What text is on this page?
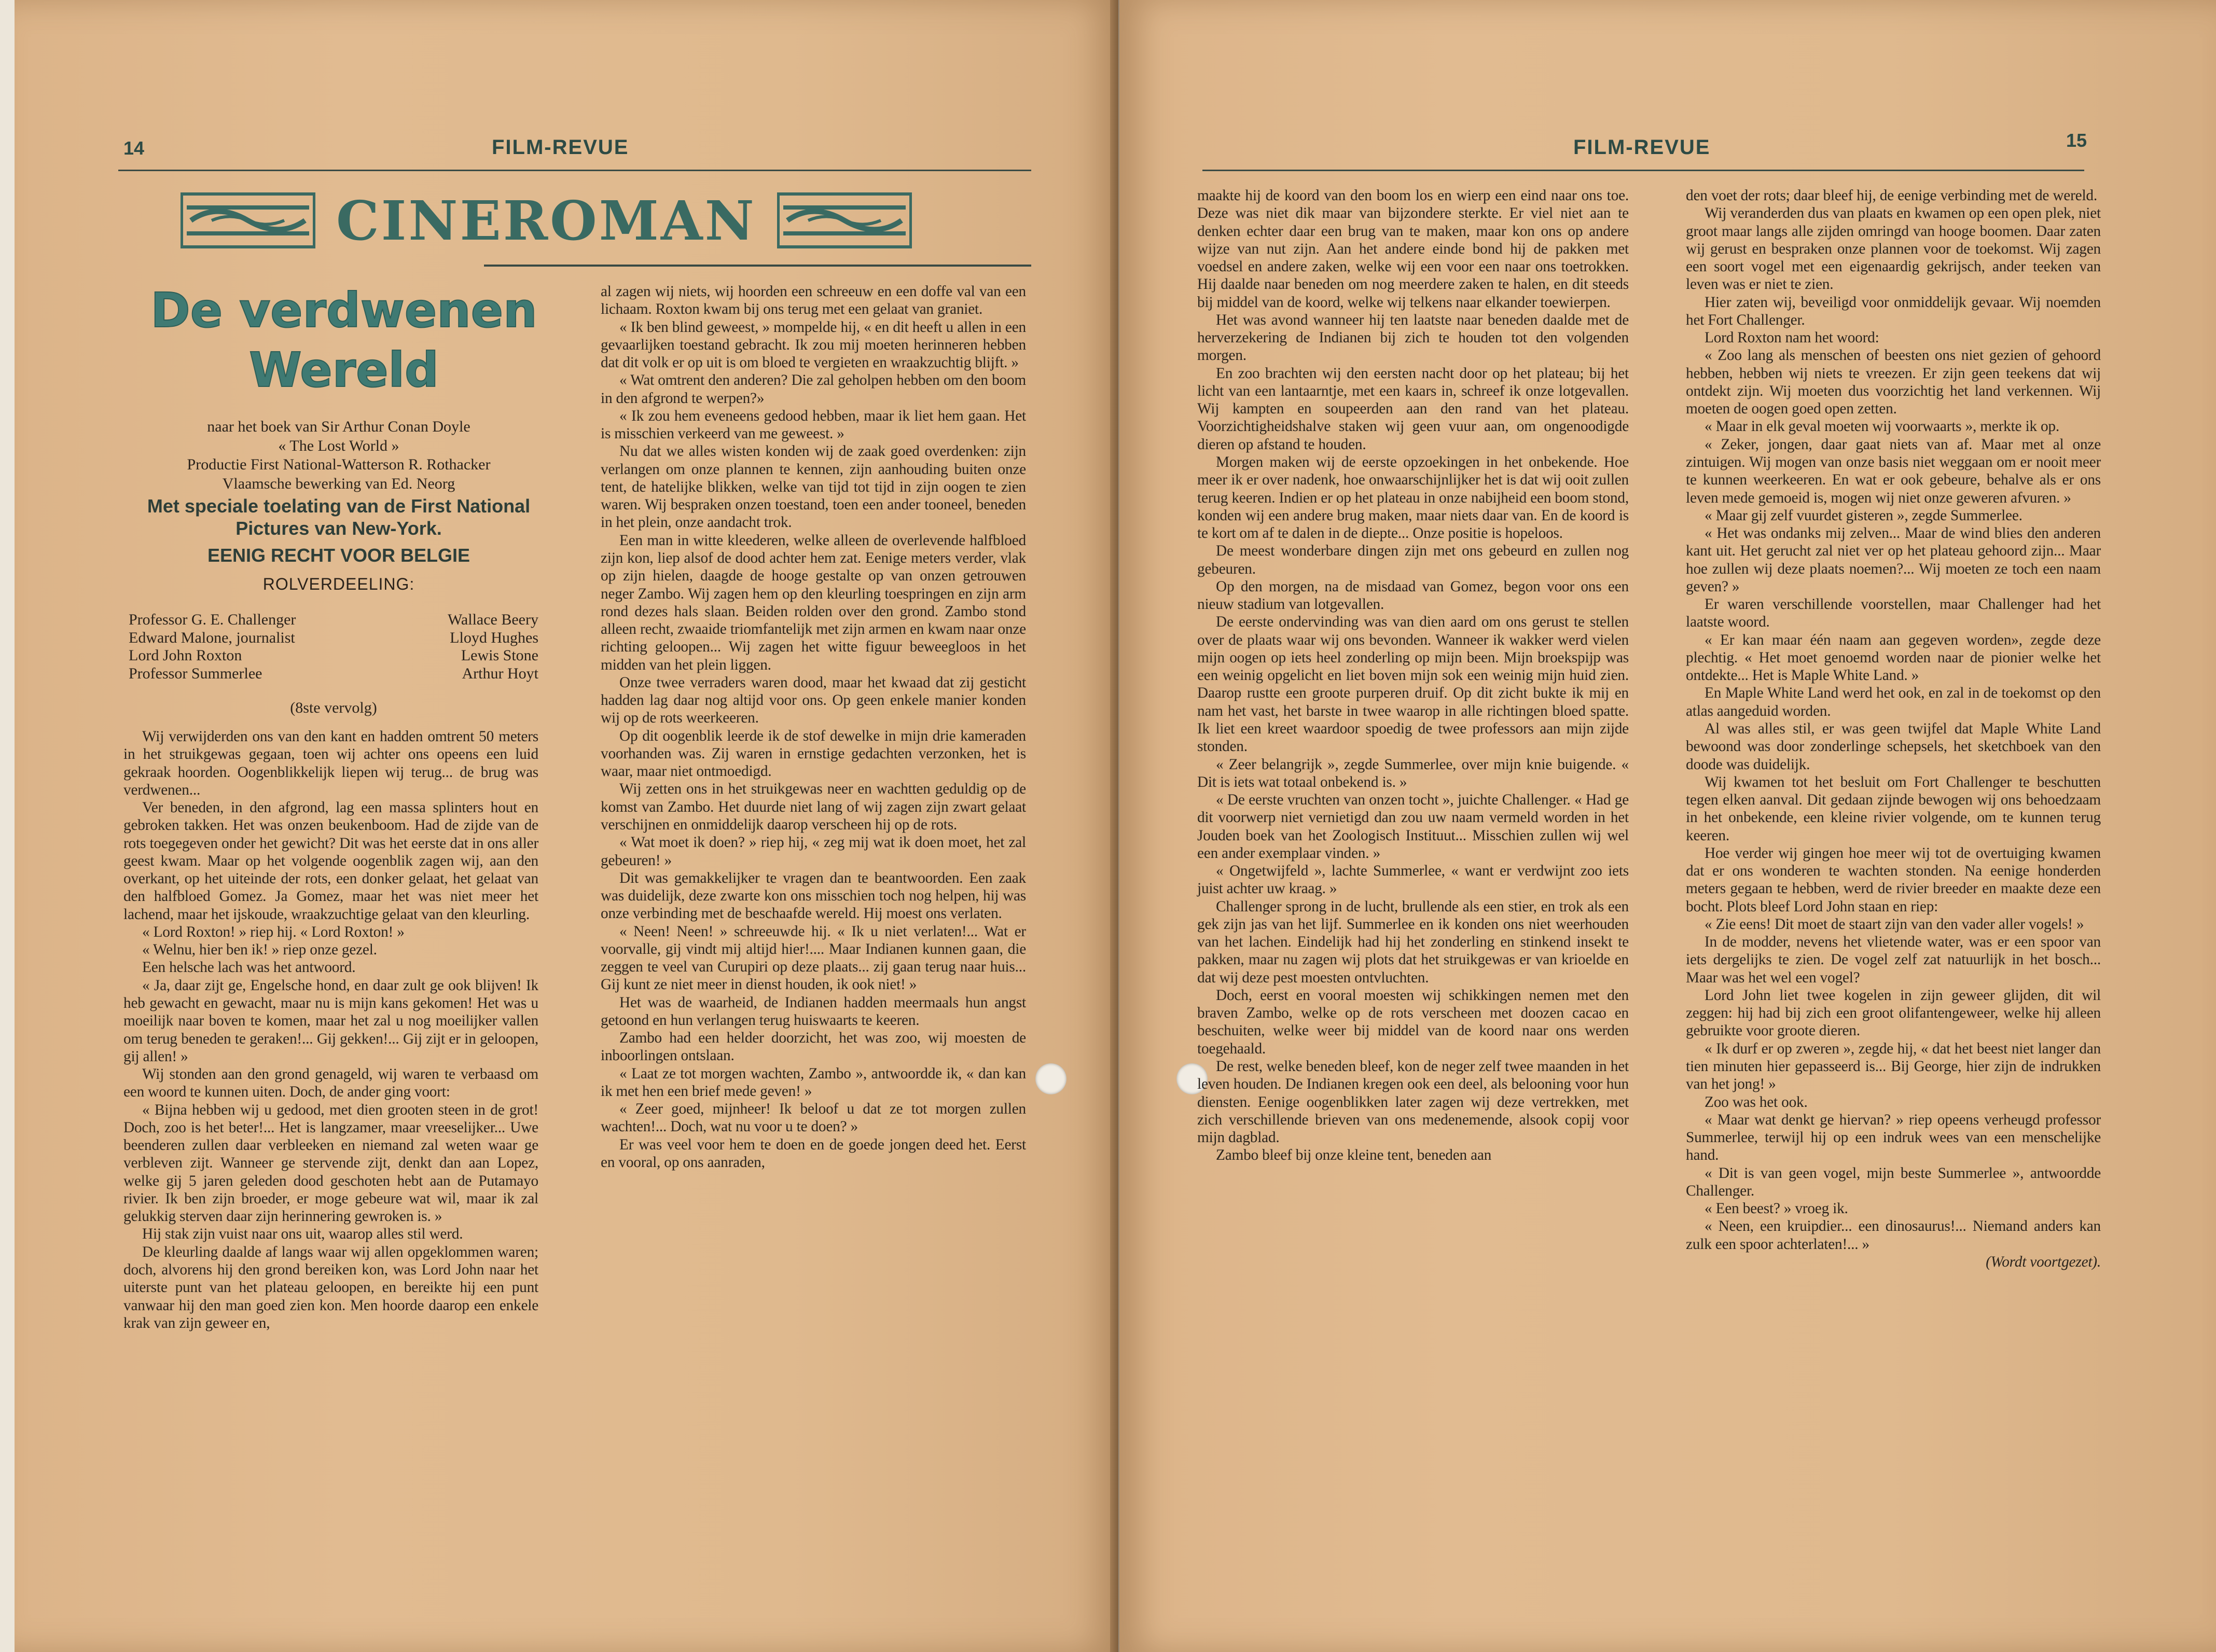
14	FILM-REVUE
CINEROMAN
De verdwenen
Wereld
naar het boek van Sir Arthur Conan Doyle
« The Lost World »
Productie First National-Watterson R. Rothacker
Vlaamsche bewerking van Ed. Neorg
Met speciale toelating van de First National Pictures van New-York.
EENIG RECHT VOOR BELGIE
ROLVERDEELING:
Professor G. E. Challenger	Wallace Beery
Edward Malone, journalist	Lloyd Hughes
Lord John Roxton	Lewis Stone
Professor Summerlee	Arthur Hoyt
(8ste vervolg)

Wij verwijderden ons van den kant en hadden omtrent 50 meters in het struikgewas gegaan, toen wij achter ons opeens een luid gekraak hoorden. Oogenblikkelijk liepen wij terug... de brug was verdwenen...

Ver beneden, in den afgrond, lag een massa splinters hout en gebroken takken. Het was onzen beukenboom. Had de zijde van de rots toegegeven onder het gewicht? Dit was het eerste dat in ons aller geest kwam. Maar op het volgende oogenblik zagen wij, aan den overkant, op het uiteinde der rots, een donker gelaat, het gelaat van den halfbloed Gomez. Ja Gomez, maar het was niet meer het lachend, maar het ijskoude, wraakzuchtige gelaat van den kleurling.

« Lord Roxton! » riep hij. « Lord Roxton! »

« Welnu, hier ben ik! » riep onze gezel.

Een helsche lach was het antwoord.

« Ja, daar zijt ge, Engelsche hond, en daar zult ge ook blijven! Ik heb gewacht en gewacht, maar nu is mijn kans gekomen! Het was u moeilijk naar boven te komen, maar het zal u nog moeilijker vallen om terug beneden te geraken!... Gij gekken!... Gij zijt er in geloopen, gij allen! »

Wij stonden aan den grond genageld, wij waren te verbaasd om een woord te kunnen uiten. Doch, de ander ging voort:

« Bijna hebben wij u gedood, met dien grooten steen in de grot! Doch, zoo is het beter!... Het is langzamer, maar vreeselijker... Uwe beenderen zullen daar verbleeken en niemand zal weten waar ge verbleven zijt. Wanneer ge stervende zijt, denkt dan aan Lopez, welke gij 5 jaren geleden dood geschoten hebt aan de Putamayo rivier. Ik ben zijn broeder, er moge gebeure wat wil, maar ik zal gelukkig sterven daar zijn herinnering gewroken is. »

Hij stak zijn vuist naar ons uit, waarop alles stil werd.

De kleurling daalde af langs waar wij allen opgeklommen waren; doch, alvorens hij den grond bereiken kon, was Lord John naar het uiterste punt van het plateau geloopen, en bereikte hij een punt vanwaar hij den man goed zien kon. Men hoorde daarop een enkele krak van zijn geweer en,

al zagen wij niets, wij hoorden een schreeuw en een doffe val van een lichaam. Roxton kwam bij ons terug met een gelaat van graniet.

« Ik ben blind geweest, » mompelde hij, « en dit heeft u allen in een gevaarlijken toestand gebracht. Ik zou mij moeten herinneren hebben dat dit volk er op uit is om bloed te vergieten en wraakzuchtig blijft. »

« Wat omtrent den anderen? Die zal geholpen hebben om den boom in den afgrond te werpen?»

« Ik zou hem eveneens gedood hebben, maar ik liet hem gaan. Het is misschien verkeerd van me geweest. »

Nu dat we alles wisten konden wij de zaak goed overdenken: zijn verlangen om onze plannen te kennen, zijn aanhouding buiten onze tent, de hatelijke blikken, welke van tijd tot tijd in zijn oogen te zien waren. Wij bespraken onzen toestand, toen een ander tooneel, beneden in het plein, onze aandacht trok.

Een man in witte kleederen, welke alleen de overlevende halfbloed zijn kon, liep alsof de dood achter hem zat. Eenige meters verder, vlak op zijn hielen, daagde de hooge gestalte op van onzen getrouwen neger Zambo. Wij zagen hem op den kleurling toespringen en zijn arm rond dezes hals slaan. Beiden rolden over den grond. Zambo stond alleen recht, zwaaide triomfantelijk met zijn armen en kwam naar onze richting geloopen... Wij zagen het witte figuur beweegloos in het midden van het plein liggen.

Onze twee verraders waren dood, maar het kwaad dat zij gesticht hadden lag daar nog altijd voor ons. Op geen enkele manier konden wij op de rots weerkeeren.

Op dit oogenblik leerde ik de stof dewelke in mijn drie kameraden voorhanden was. Zij waren in ernstige gedachten verzonken, het is waar, maar niet ontmoedigd.

Wij zetten ons in het struikgewas neer en wachtten geduldig op de komst van Zambo. Het duurde niet lang of wij zagen zijn zwart gelaat verschijnen en onmiddelijk daarop verscheen hij op de rots.

« Wat moet ik doen? » riep hij, « zeg mij wat ik doen moet, het zal gebeuren! »

Dit was gemakkelijker te vragen dan te beantwoorden. Een zaak was duidelijk, deze zwarte kon ons misschien toch nog helpen, hij was onze verbinding met de beschaafde wereld. Hij moest ons verlaten.

« Neen! Neen! » schreeuwde hij. « Ik u niet verlaten!... Wat er voorvalle, gij vindt mij altijd hier!.... Maar Indianen kunnen gaan, die zeggen te veel van Curupiri op deze plaats... zij gaan terug naar huis... Gij kunt ze niet meer in dienst houden, ik ook niet! »

Het was de waarheid, de Indianen hadden meermaals hun angst getoond en hun verlangen terug huiswaarts te keeren.

Zambo had een helder doorzicht, het was zoo, wij moesten de inboorlingen ontslaan.

« Laat ze tot morgen wachten, Zambo », antwoordde ik, « dan kan ik met hen een brief mede geven! »

« Zeer goed, mijnheer! Ik beloof u dat ze tot morgen zullen wachten!... Doch, wat nu voor u te doen? »

Er was veel voor hem te doen en de goede jongen deed het. Eerst en vooral, op ons aanraden,

FILM-REVUE	15

maakte hij de koord van den boom los en wierp een eind naar ons toe. Deze was niet dik maar van bijzondere sterkte. Er viel niet aan te denken echter daar een brug van te maken, maar kon ons op andere wijze van nut zijn. Aan het andere einde bond hij de pakken met voedsel en andere zaken, welke wij een voor een naar ons toetrokken. Hij daalde naar beneden om nog meerdere zaken te halen, en dit steeds bij middel van de koord, welke wij telkens naar elkander toewierpen.

Het was avond wanneer hij ten laatste naar beneden daalde met de herverzekering de Indianen bij zich te houden tot den volgenden morgen.

En zoo brachten wij den eersten nacht door op het plateau; bij het licht van een lantaarntje, met een kaars in, schreef ik onze lotgevallen. Wij kampten en soupeerden aan den rand van het plateau. Voorzichtigheidshalve staken wij geen vuur aan, om ongenoodigde dieren op afstand te houden.

Morgen maken wij de eerste opzoekingen in het onbekende. Hoe meer ik er over nadenk, hoe onwaarschijnlijker het is dat wij ooit zullen terug keeren. Indien er op het plateau in onze nabijheid een boom stond, konden wij een andere brug maken, maar niets daar van. En de koord is te kort om af te dalen in de diepte... Onze positie is hopeloos.

De meest wonderbare dingen zijn met ons gebeurd en zullen nog gebeuren.

Op den morgen, na de misdaad van Gomez, begon voor ons een nieuw stadium van lotgevallen.

De eerste ondervinding was van dien aard om ons gerust te stellen over de plaats waar wij ons bevonden. Wanneer ik wakker werd vielen mijn oogen op iets heel zonderling op mijn been. Mijn broekspijp was een weinig opgelicht en liet boven mijn sok een weinig mijn huid zien. Daarop rustte een groote purperen druif. Op dit zicht bukte ik mij en nam het vast, het barste in twee waarop in alle richtingen bloed spatte. Ik liet een kreet waardoor spoedig de twee professors aan mijn zijde stonden.

« Zeer belangrijk », zegde Summerlee, over mijn knie buigende. « Dit is iets wat totaal onbekend is. »

« De eerste vruchten van onzen tocht », juichte Challenger. « Had ge dit voorwerp niet vernietigd dan zou uw naam vermeld worden in het Jouden boek van het Zoologisch Instituut... Misschien zullen wij wel een ander exemplaar vinden. »

« Ongetwijfeld », lachte Summerlee, « want er verdwijnt zoo iets juist achter uw kraag. »

Challenger sprong in de lucht, brullende als een stier, en trok als een gek zijn jas van het lijf. Summerlee en ik konden ons niet weerhouden van het lachen. Eindelijk had hij het zonderling en stinkend insekt te pakken, maar nu zagen wij plots dat het struikgewas er van krioelde en dat wij deze pest moesten ontvluchten.

Doch, eerst en vooral moesten wij schikkingen nemen met den braven Zambo, welke op de rots verscheen met doozen cacao en beschuiten, welke weer bij middel van de koord naar ons werden toegehaald.

De rest, welke beneden bleef, kon de neger zelf twee maanden in het leven houden. De Indianen kregen ook een deel, als belooning voor hun diensten. Eenige oogenblikken later zagen wij deze vertrekken, met zich verschillende brieven van ons medenemende, alsook copij voor mijn dagblad.

Zambo bleef bij onze kleine tent, beneden aan

den voet der rots; daar bleef hij, de eenige verbinding met de wereld.

Wij veranderden dus van plaats en kwamen op een open plek, niet groot maar langs alle zijden omringd van hooge boomen. Daar zaten wij gerust en bespraken onze plannen voor de toekomst. Wij zagen een soort vogel met een eigenaardig gekrijsch, ander teeken van leven was er niet te zien.

Hier zaten wij, beveiligd voor onmiddelijk gevaar. Wij noemden het Fort Challenger.

Lord Roxton nam het woord:

« Zoo lang als menschen of beesten ons niet gezien of gehoord hebben, hebben wij niets te vreezen. Er zijn geen teekens dat wij ontdekt zijn. Wij moeten dus voorzichtig het land verkennen. Wij moeten de oogen goed open zetten.

« Maar in elk geval moeten wij voorwaarts », merkte ik op.

« Zeker, jongen, daar gaat niets van af. Maar met al onze zintuigen. Wij mogen van onze basis niet weggaan om er nooit meer te kunnen weerkeeren. En wat er ook gebeure, behalve als er ons leven mede gemoeid is, mogen wij niet onze geweren afvuren. »

« Maar gij zelf vuurdet gisteren », zegde Summerlee.

« Het was ondanks mij zelven... Maar de wind blies den anderen kant uit. Het gerucht zal niet ver op het plateau gehoord zijn... Maar hoe zullen wij deze plaats noemen?... Wij moeten ze toch een naam geven? »

Er waren verschillende voorstellen, maar Challenger had het laatste woord.

« Er kan maar één naam aan gegeven worden», zegde deze plechtig. « Het moet genoemd worden naar de pionier welke het ontdekte... Het is Maple White Land. »

En Maple White Land werd het ook, en zal in de toekomst op den atlas aangeduid worden.

Al was alles stil, er was geen twijfel dat Maple White Land bewoond was door zonderlinge schepsels, het sketchboek van den doode was duidelijk.

Wij kwamen tot het besluit om Fort Challenger te beschutten tegen elken aanval. Dit gedaan zijnde bewogen wij ons behoedzaam in het onbekende, een kleine rivier volgende, om te kunnen terug keeren.

Hoe verder wij gingen hoe meer wij tot de overtuiging kwamen dat er ons wonderen te wachten stonden. Na eenige honderden meters gegaan te hebben, werd de rivier breeder en maakte deze een bocht. Plots bleef Lord John staan en riep:

« Zie eens! Dit moet de staart zijn van den vader aller vogels! »

In de modder, nevens het vlietende water, was er een spoor van iets dergelijks te zien. De vogel zelf zat natuurlijk in het bosch... Maar was het wel een vogel?

Lord John liet twee kogelen in zijn geweer glijden, dit wil zeggen: hij had bij zich een groot olifantengeweer, welke hij alleen gebruikte voor groote dieren.

« Ik durf er op zweren », zegde hij, « dat het beest niet langer dan tien minuten hier gepasseerd is... Bij George, hier zijn de indrukken van het jong! »

Zoo was het ook.

« Maar wat denkt ge hiervan? » riep opeens verheugd professor Summerlee, terwijl hij op een indruk wees van een menschelijke hand.

« Dit is van geen vogel, mijn beste Summerlee », antwoordde Challenger.

« Een beest? » vroeg ik.

« Neen, een kruipdier... een dinosaurus!... Niemand anders kan zulk een spoor achterlaten!... »

(Wordt voortgezet).
